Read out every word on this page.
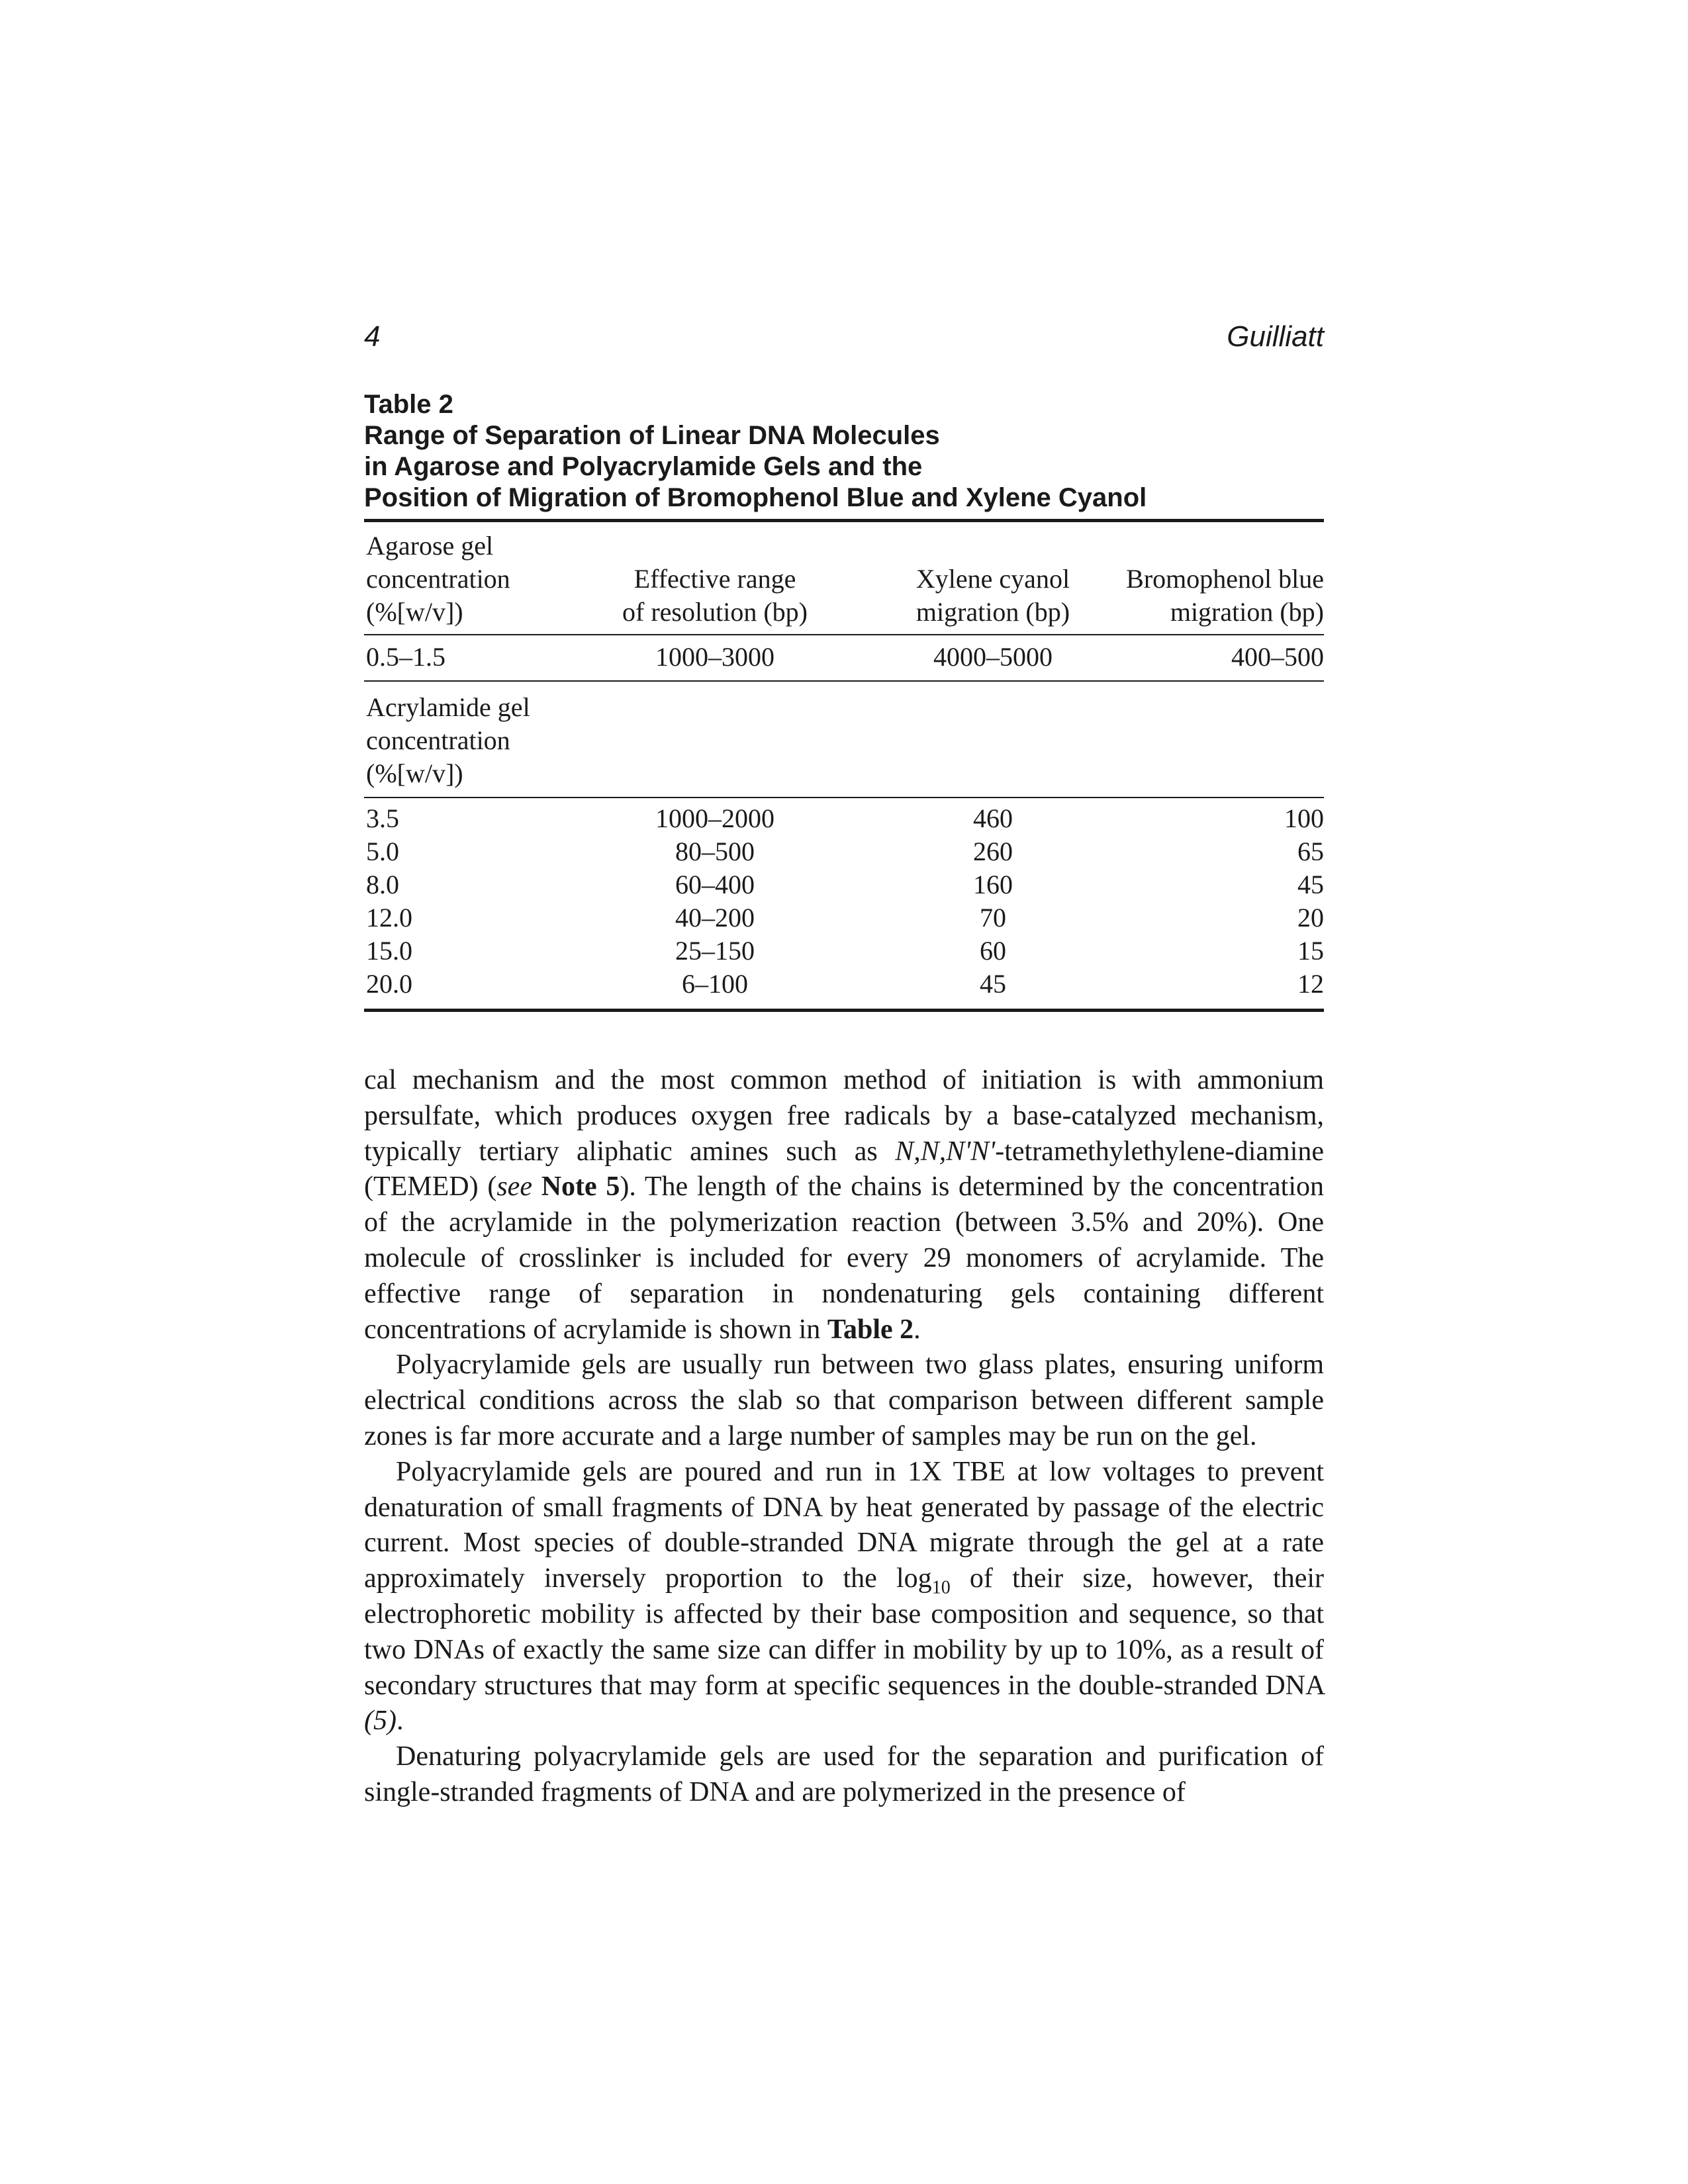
4	Guilliatt
Table 2
Range of Separation of Linear DNA Molecules
in Agarose and Polyacrylamide Gels and the
Position of Migration of Bromophenol Blue and Xylene Cyanol
Agarose gel
concentration	Effective range	Xylene cyanol	Bromophenol blue
(%[w/v])	of resolution (bp)	migration (bp)	migration (bp)
0.5–1.5	1000–3000	4000–5000	400–500
Acrylamide gel
concentration
(%[w/v])
3.5	1000–2000	460	100
5.0	80–500	260	65
8.0	60–400	160	45
12.0	40–200	70	20
15.0	25–150	60	15
20.0	6–100	45	12

cal mechanism and the most common method of initiation is with ammonium persulfate, which produces oxygen free radicals by a base-catalyzed mechanism, typically tertiary aliphatic amines such as N,N,N'N'-tetramethylethylene-diamine (TEMED) (see Note 5). The length of the chains is determined by the concentration of the acrylamide in the polymerization reaction (between 3.5% and 20%). One molecule of crosslinker is included for every 29 monomers of acrylamide. The effective range of separation in nondenaturing gels containing different concentrations of acrylamide is shown in Table 2.

Polyacrylamide gels are usually run between two glass plates, ensuring uniform electrical conditions across the slab so that comparison between different sample zones is far more accurate and a large number of samples may be run on the gel.

Polyacrylamide gels are poured and run in 1X TBE at low voltages to prevent denaturation of small fragments of DNA by heat generated by passage of the electric current. Most species of double-stranded DNA migrate through the gel at a rate approximately inversely proportion to the $\log_{10}$ of their size, however, their electrophoretic mobility is affected by their base composition and sequence, so that two DNAs of exactly the same size can differ in mobility by up to 10%, as a result of secondary structures that may form at specific sequences in the double-stranded DNA (5).

Denaturing polyacrylamide gels are used for the separation and purification of single-stranded fragments of DNA and are polymerized in the presence of
